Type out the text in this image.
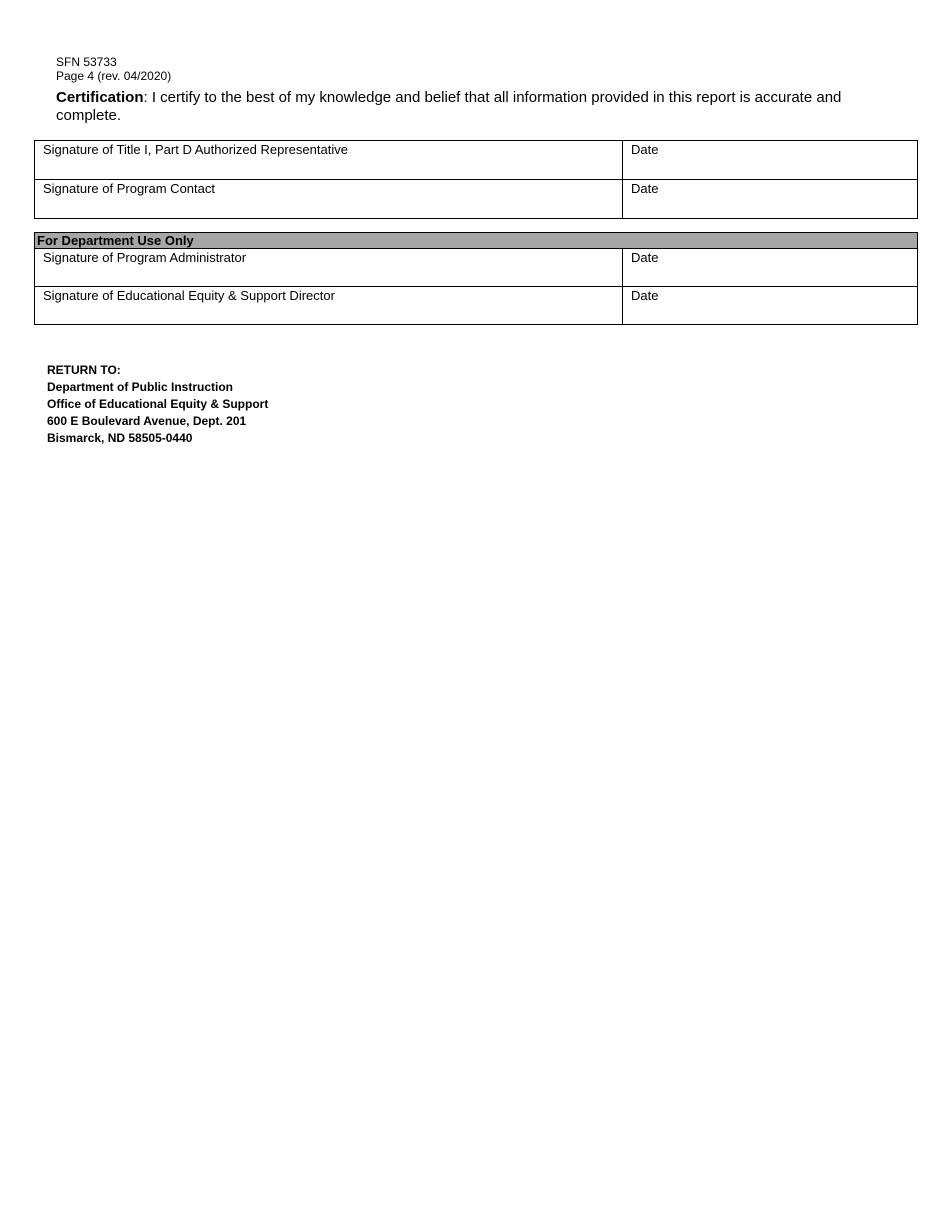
SFN 53733
Page 4 (rev. 04/2020)
Certification: I certify to the best of my knowledge and belief that all information provided in this report is accurate and complete.
Signature of Title I, Part D Authorized Representative	Date
Signature of Program Contact	Date
For Department Use Only	
Signature of Program Administrator	Date
Signature of Educational Equity & Support Director	Date
RETURN TO:
Department of Public Instruction
Office of Educational Equity & Support
600 E Boulevard Avenue, Dept. 201
Bismarck, ND 58505-0440
